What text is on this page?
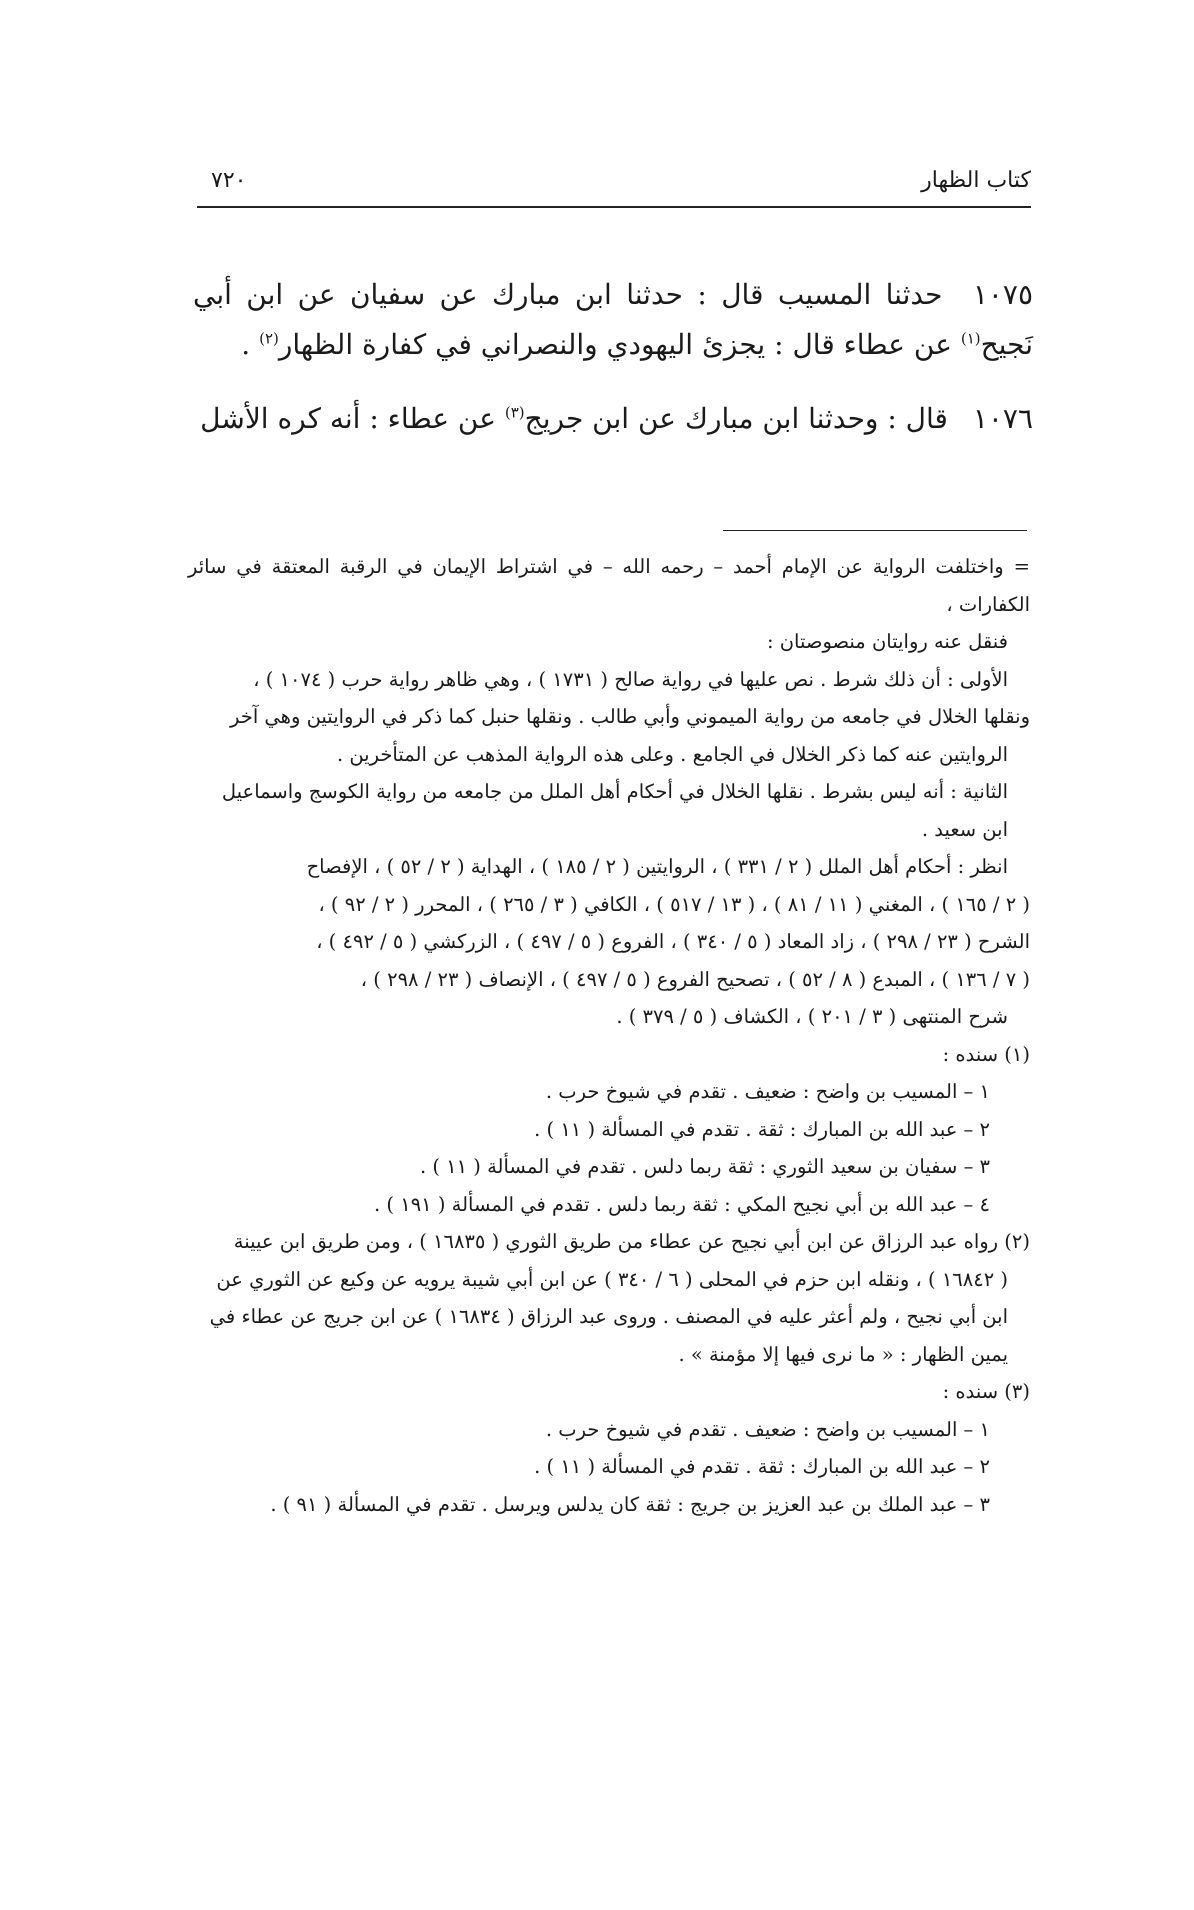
كتاب الظهار
٧٢٠

١٠٧٥ حدثنا المسيب قال : حدثنا ابن مبارك عن سفيان عن ابن أبي نَجيح$^{(١)}$ عن عطاء قال : يجزئ اليهودي والنصراني في كفارة الظهار$^{(٢)}$ .

١٠٧٦ قال : وحدثنا ابن مبارك عن ابن جريج$^{(٣)}$ عن عطاء : أنه كره الأشل

=واختلفت الرواية عن الإمام أحمد – رحمه الله – في اشتراط الإيمان في الرقبة المعتقة في سائر الكفارات ،

فنقل عنه روايتان منصوصتان :

الأولى : أن ذلك شرط . نص عليها في رواية صالح ( ١٧٣١ ) ، وهي ظاهر رواية حرب ( ١٠٧٤ ) ،

ونقلها الخلال في جامعه من رواية الميموني وأبي طالب . ونقلها حنبل كما ذكر في الروايتين وهي آخر

الروايتين عنه كما ذكر الخلال في الجامع . وعلى هذه الرواية المذهب عن المتأخرين .

الثانية : أنه ليس بشرط . نقلها الخلال في أحكام أهل الملل من جامعه من رواية الكوسج واسماعيل

ابن سعيد .

انظر : أحكام أهل الملل ( ٢ / ٣٣١ ) ، الروايتين ( ٢ / ١٨٥ ) ، الهداية ( ٢ / ٥٢ ) ، الإفصاح

( ٢ / ١٦٥ ) ، المغني ( ١١ / ٨١ ) ، ( ١٣ / ٥١٧ ) ، الكافي ( ٣ / ٢٦٥ ) ، المحرر ( ٢ / ٩٢ ) ،

الشرح ( ٢٣ / ٢٩٨ ) ، زاد المعاد ( ٥ / ٣٤٠ ) ، الفروع ( ٥ / ٤٩٧ ) ، الزركشي ( ٥ / ٤٩٢ ) ،

( ٧ / ١٣٦ ) ، المبدع ( ٨ / ٥٢ ) ، تصحيح الفروع ( ٥ / ٤٩٧ ) ، الإنصاف ( ٢٣ / ٢٩٨ ) ،

شرح المنتهى ( ٣ / ٢٠١ ) ، الكشاف ( ٥ / ٣٧٩ ) .

(١) سنده :

١ – المسيب بن واضح : ضعيف . تقدم في شيوخ حرب .

٢ – عبد الله بن المبارك : ثقة . تقدم في المسألة ( ١١ ) .

٣ – سفيان بن سعيد الثوري : ثقة ربما دلس . تقدم في المسألة ( ١١ ) .

٤ – عبد الله بن أبي نجيح المكي : ثقة ربما دلس . تقدم في المسألة ( ١٩١ ) .

(٢) رواه عبد الرزاق عن ابن أبي نجيح عن عطاء من طريق الثوري ( ١٦٨٣٥ ) ، ومن طريق ابن عيينة

( ١٦٨٤٢ ) ، ونقله ابن حزم في المحلى ( ٦ / ٣٤٠ ) عن ابن أبي شيبة يرويه عن وكيع عن الثوري عن

ابن أبي نجيح ، ولم أعثر عليه في المصنف . وروى عبد الرزاق ( ١٦٨٣٤ ) عن ابن جريج عن عطاء في

يمين الظهار : « ما نرى فيها إلا مؤمنة » .

(٣) سنده :

١ – المسيب بن واضح : ضعيف . تقدم في شيوخ حرب .

٢ – عبد الله بن المبارك : ثقة . تقدم في المسألة ( ١١ ) .

٣ – عبد الملك بن عبد العزيز بن جريج : ثقة كان يدلس ويرسل . تقدم في المسألة ( ٩١ ) .
